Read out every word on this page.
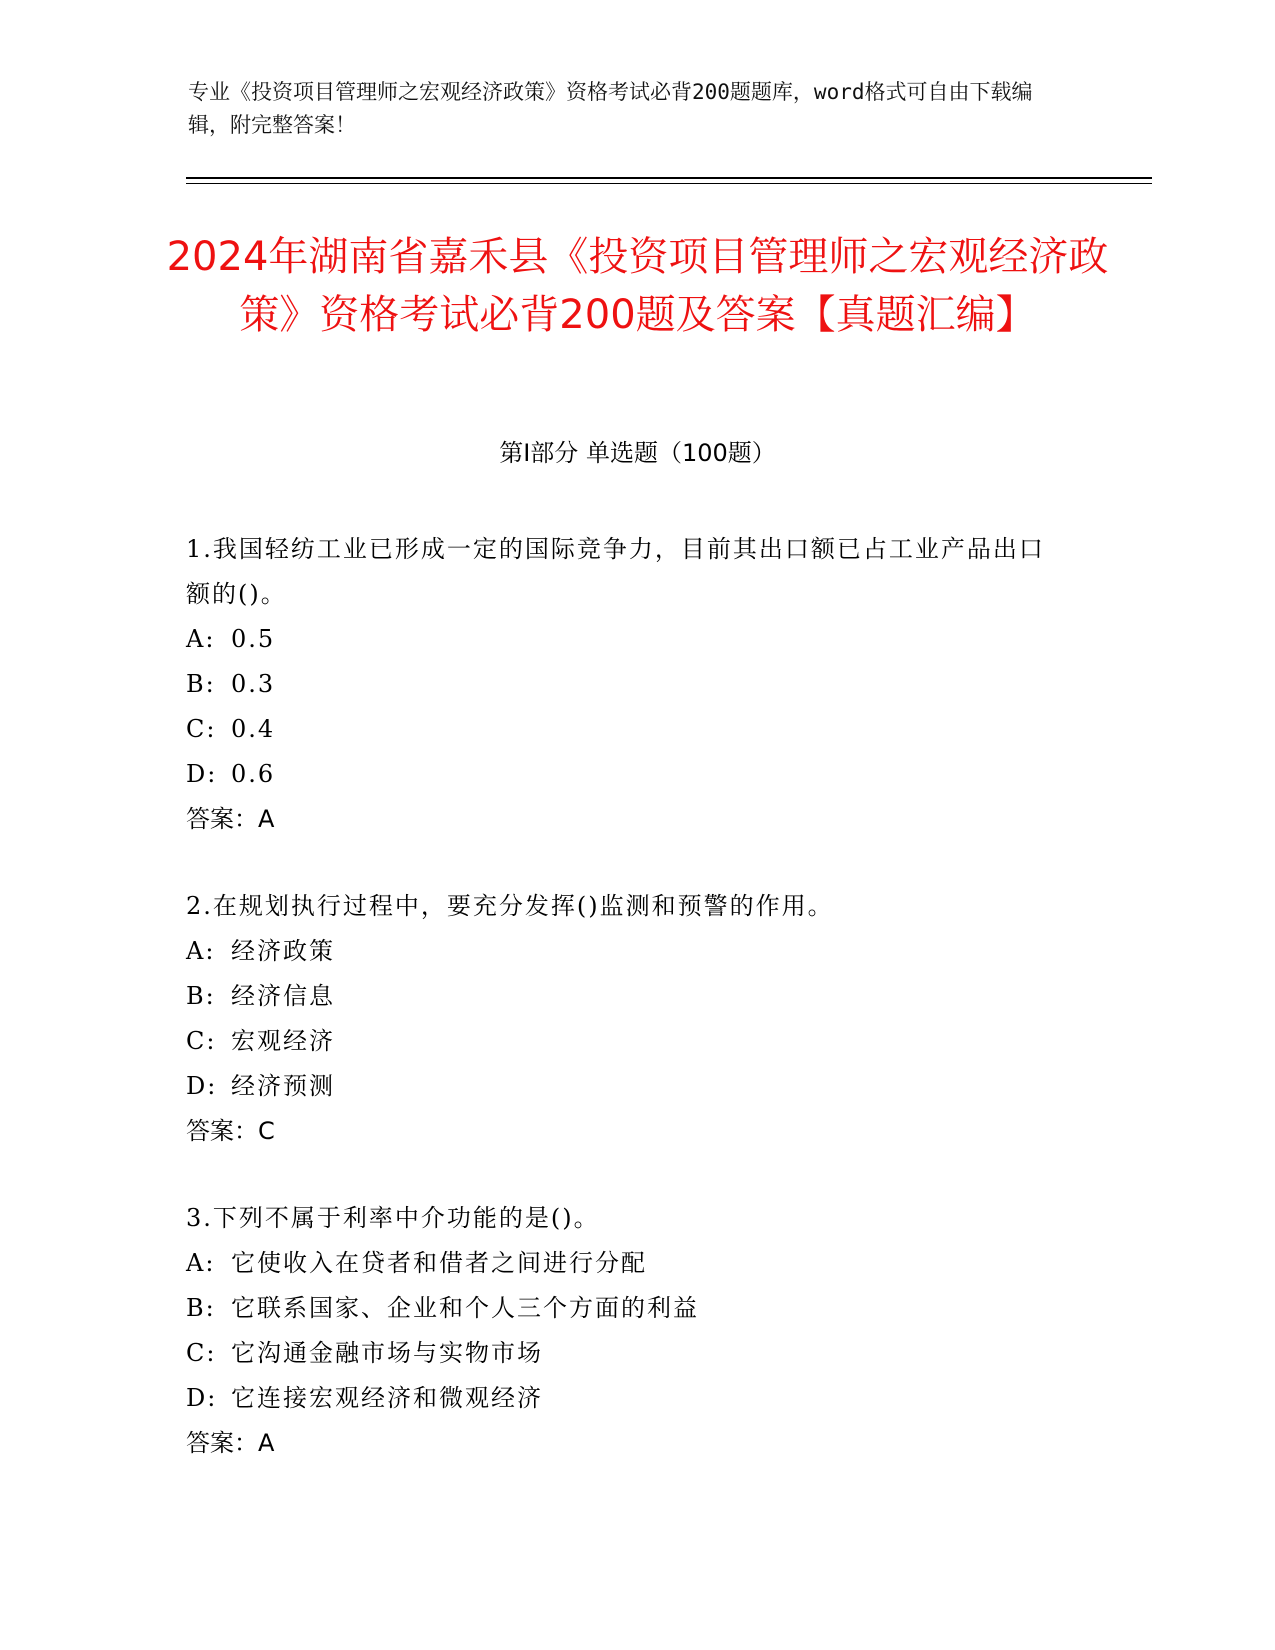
专业《投资项目管理师之宏观经济政策》资格考试必背200题题库，word格式可自由下载编辑，附完整答案！
2024年湖南省嘉禾县《投资项目管理师之宏观经济政策》资格考试必背200题及答案【真题汇编】
第I部分 单选题（100题）

1.我国轻纺工业已形成一定的国际竞争力，目前其出口额已占工业产品出口额的()。

A: 0.5
B: 0.3
C: 0.4
D: 0.6

答案：A

2.在规划执行过程中，要充分发挥()监测和预警的作用。

A: 经济政策
B: 经济信息
C: 宏观经济
D: 经济预测

答案：C

3.下列不属于利率中介功能的是()。

A: 它使收入在贷者和借者之间进行分配
B: 它联系国家、企业和个人三个方面的利益
C: 它沟通金融市场与实物市场
D: 它连接宏观经济和微观经济

答案：A
